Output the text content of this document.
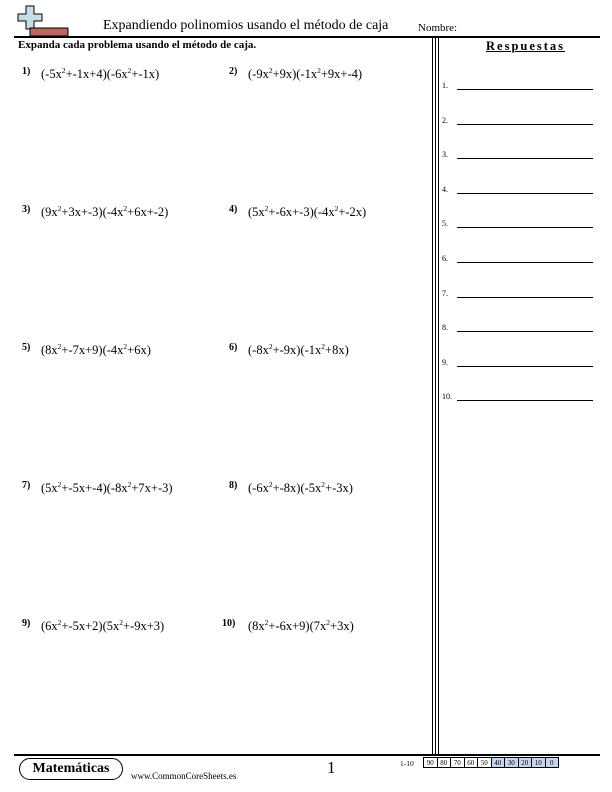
Expandiendo polinomios usando el método de caja	Nombre:
Expanda cada problema usando el método de caja.
1) $(-5x^2+-1x+4)(-6x^2+-1x)$	2) $(-9x^2+9x)(-1x^2+9x+-4)$
3) $(9x^2+3x+-3)(-4x^2+6x+-2)$	4) $(5x^2+-6x+-3)(-4x^2+-2x)$
5) $(8x^2+-7x+9)(-4x^2+6x)$	6) $(-8x^2+-9x)(-1x^2+8x)$
7) $(5x^2+-5x+-4)(-8x^2+7x+-3)$	8) $(-6x^2+-8x)(-5x^2+-3x)$
9) $(6x^2+-5x+2)(5x^2+-9x+3)$	10) $(8x^2+-6x+9)(7x^2+3x)$
Respuestas
1.
2.
3.
4.
5.
6.
7.
8.
9.
10.
Matemáticas	www.CommonCoreSheets.es	1	1-10	90 80 70 60 50 40 30 20 10	0
